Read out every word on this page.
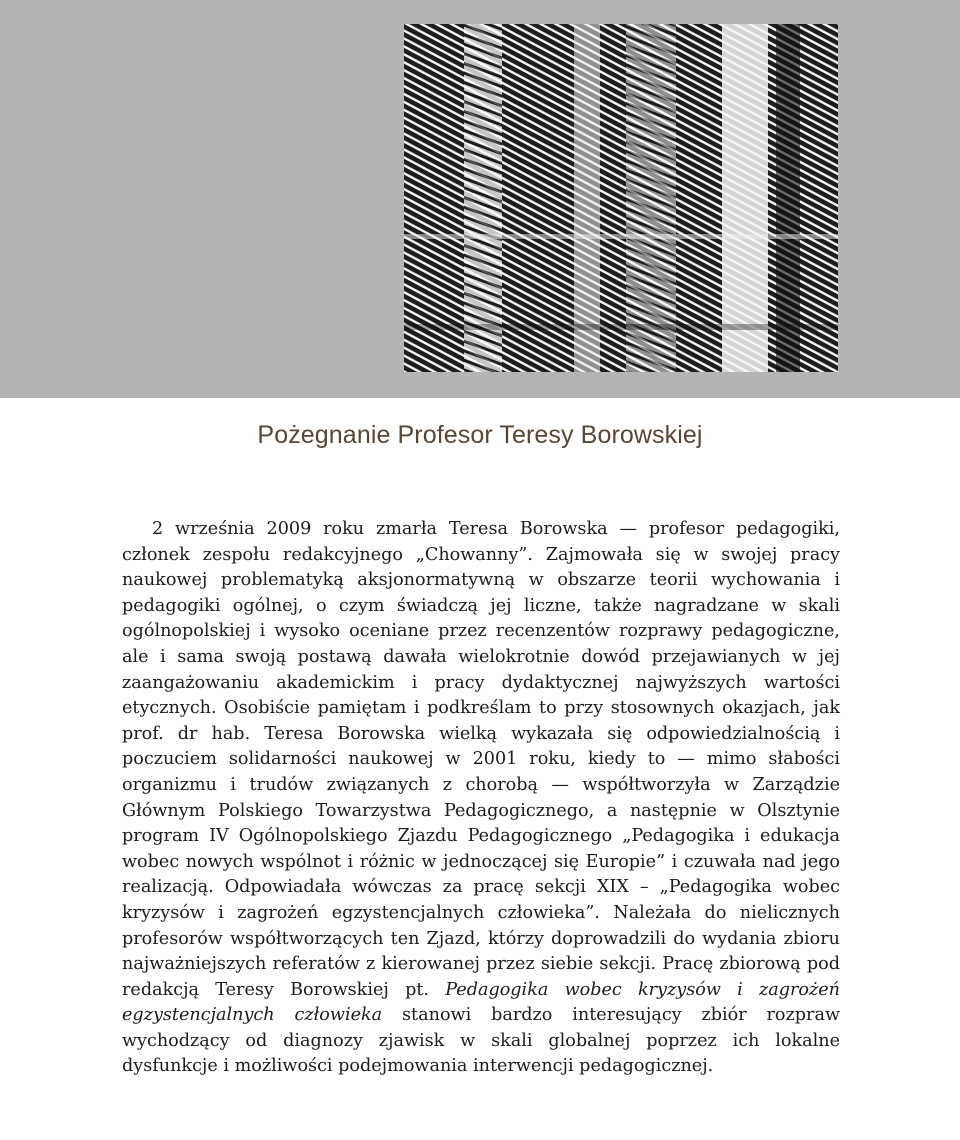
Pożegnanie Profesor Teresy Borowskiej

2 września 2009 roku zmarła Teresa Borowska — profesor pedagogiki, członek zespołu redakcyjnego „Chowanny”. Zajmowała się w swojej pracy naukowej problematyką aksjonormatywną w obszarze teorii wychowania i pedagogiki ogólnej, o czym świadczą jej liczne, także nagradzane w skali ogólnopolskiej i wysoko oceniane przez recenzentów rozprawy pedagogiczne, ale i sama swoją postawą dawała wielokrotnie dowód przejawianych w jej zaangażowaniu akademickim i pracy dydaktycznej najwyższych wartości etycznych. Osobiście pamiętam i podkreślam to przy stosownych okazjach, jak prof. dr hab. Teresa Borowska wielką wykazała się odpowiedzialnością i poczuciem solidarności naukowej w 2001 roku, kiedy to — mimo słabości organizmu i trudów związanych z chorobą — współtworzyła w Zarządzie Głównym Polskiego Towarzystwa Pedagogicznego, a następnie w Olsztynie program IV Ogólnopolskiego Zjazdu Pedagogicznego „Pedagogika i edukacja wobec nowych wspólnot i różnic w jednoczącej się Europie” i czuwała nad jego realizacją. Odpowiadała wówczas za pracę sekcji XIX – „Pedagogika wobec kryzysów i zagrożeń egzystencjalnych człowieka”. Należała do nielicznych profesorów współtworzących ten Zjazd, którzy doprowadzili do wydania zbioru najważniejszych referatów z kierowanej przez siebie sekcji. Pracę zbiorową pod redakcją Teresy Borowskiej pt. Pedagogika wobec kryzysów i zagrożeń egzystencjalnych człowieka stanowi bardzo interesujący zbiór rozpraw wychodzący od diagnozy zjawisk w skali globalnej poprzez ich lokalne dysfunkcje i możliwości podejmowania interwencji pedagogicznej.
